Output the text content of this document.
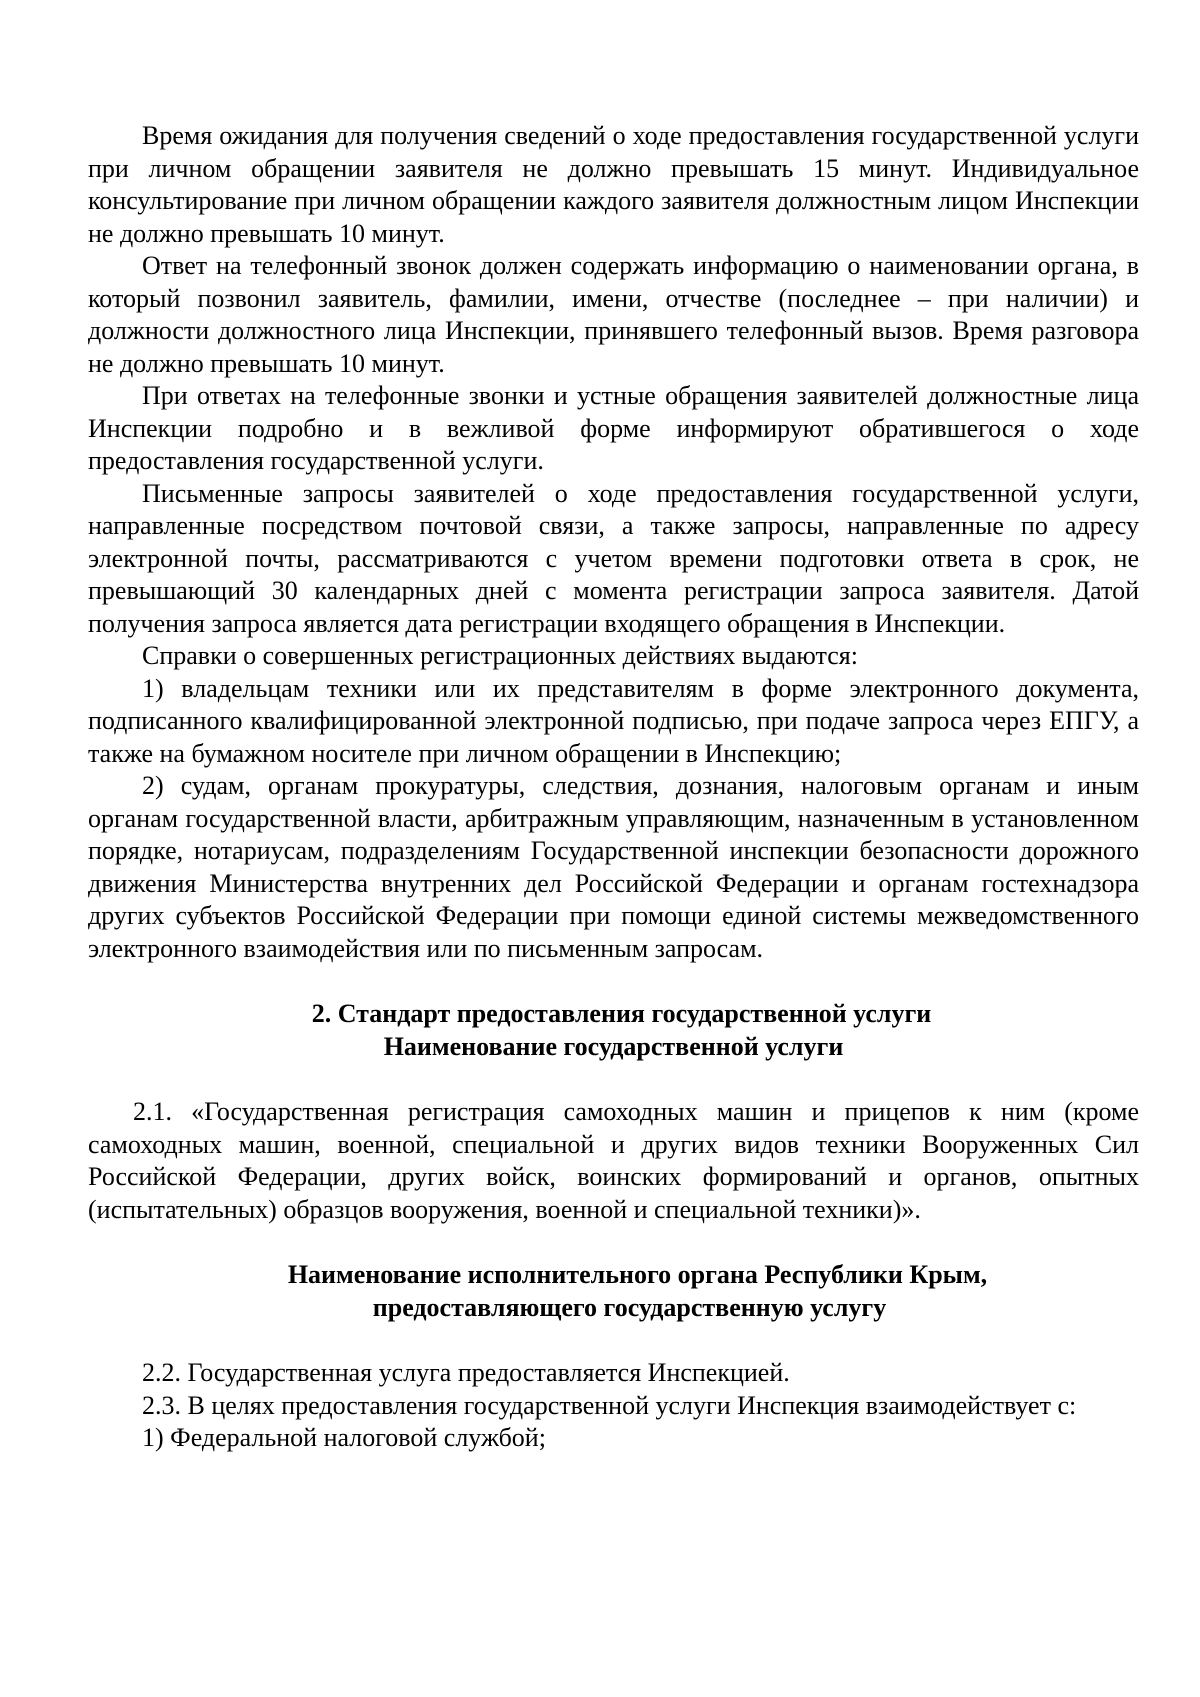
Время ожидания для получения сведений о ходе предоставления государственной услуги при личном обращении заявителя не должно превышать 15 минут. Индивидуальное консультирование при личном обращении каждого заявителя должностным лицом Инспекции не должно превышать 10 минут.

Ответ на телефонный звонок должен содержать информацию о наименовании органа, в который позвонил заявитель, фамилии, имени, отчестве (последнее – при наличии) и должности должностного лица Инспекции, принявшего телефонный вызов. Время разговора не должно превышать 10 минут.

При ответах на телефонные звонки и устные обращения заявителей должностные лица Инспекции подробно и в вежливой форме информируют обратившегося о ходе предоставления государственной услуги.

Письменные запросы заявителей о ходе предоставления государственной услуги, направленные посредством почтовой связи, а также запросы, направленные по адресу электронной почты, рассматриваются с учетом времени подготовки ответа в срок, не превышающий 30 календарных дней с момента регистрации запроса заявителя. Датой получения запроса является дата регистрации входящего обращения в Инспекции.

Справки о совершенных регистрационных действиях выдаются:

1) владельцам техники или их представителям в форме электронного документа, подписанного квалифицированной электронной подписью, при подаче запроса через ЕПГУ, а также на бумажном носителе при личном обращении в Инспекцию;

2) судам, органам прокуратуры, следствия, дознания, налоговым органам и иным органам государственной власти, арбитражным управляющим, назначенным в установленном порядке, нотариусам, подразделениям Государственной инспекции безопасности дорожного движения Министерства внутренних дел Российской Федерации и органам гостехнадзора других субъектов Российской Федерации при помощи единой системы межведомственного электронного взаимодействия или по письменным запросам.

2. Стандарт предоставления государственной услуги

Наименование государственной услуги

2.1. «Государственная регистрация самоходных машин и прицепов к ним (кроме самоходных машин, военной, специальной и других видов техники Вооруженных Сил Российской Федерации, других войск, воинских формирований и органов, опытных (испытательных) образцов вооружения, военной и специальной техники)».

Наименование исполнительного органа Республики Крым,

предоставляющего государственную услугу

2.2. Государственная услуга предоставляется Инспекцией.

2.3. В целях предоставления государственной услуги Инспекция взаимодействует с:

1) Федеральной налоговой службой;
